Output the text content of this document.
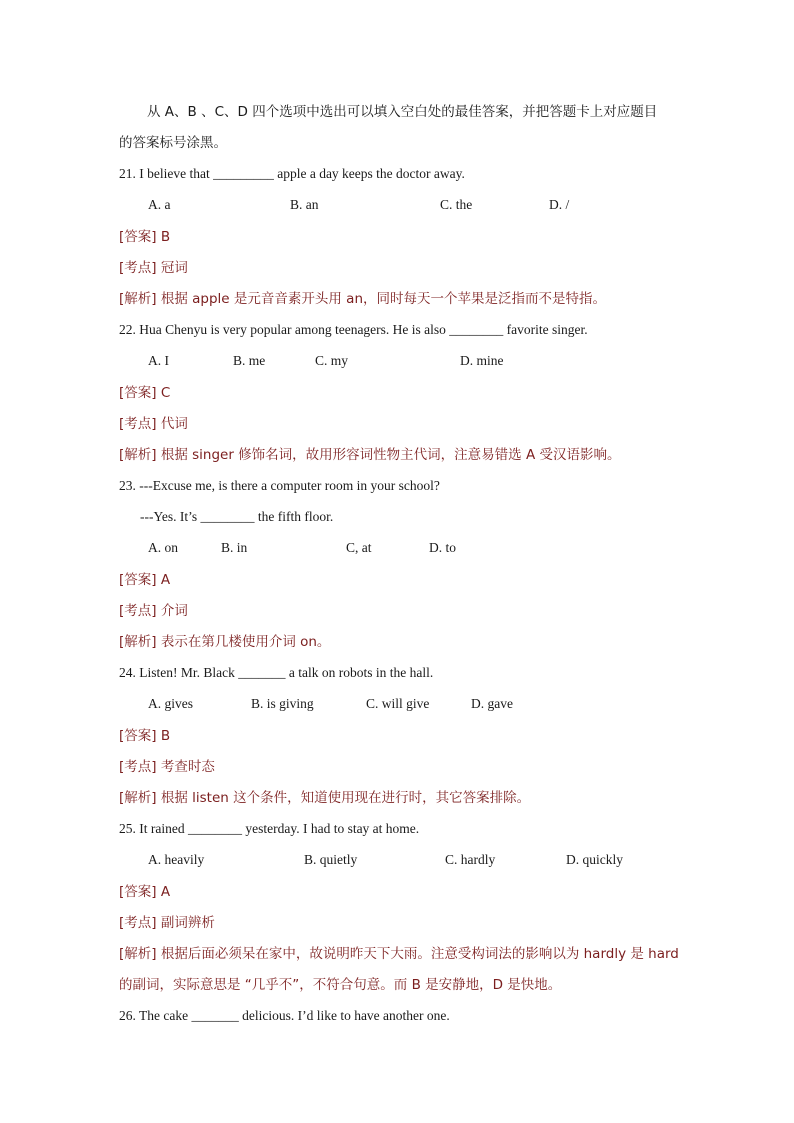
从 A、B 、C、D 四个选项中选出可以填入空白处的最佳答案，并把答题卡上对应题目
的答案标号涂黑。
21. I believe that _________ apple a day keeps the doctor away.
A. a	B. an	C. the	D. /
[答案] B
[考点] 冠词
[解析] 根据 apple 是元音音素开头用 an，同时每天一个苹果是泛指而不是特指。
22. Hua Chenyu is very popular among teenagers. He is also ________ favorite singer.
A. I	B. me	C. my	D. mine
[答案] C
[考点] 代词
[解析] 根据 singer 修饰名词，故用形容词性物主代词，注意易错选 A 受汉语影响。
23. ---Excuse me, is there a computer room in your school?
---Yes. It’s ________ the fifth floor.
A. on	B. in	C, at	D. to
[答案] A
[考点] 介词
[解析] 表示在第几楼使用介词 on。
24. Listen! Mr. Black _______ a talk on robots in the hall.
A. gives	B. is giving	C. will give	D. gave
[答案] B
[考点] 考查时态
[解析] 根据 listen 这个条件，知道使用现在进行时，其它答案排除。
25. It rained ________ yesterday. I had to stay at home.
A. heavily	B. quietly	C. hardly	D. quickly
[答案] A
[考点] 副词辨析
[解析] 根据后面必须呆在家中，故说明昨天下大雨。注意受构词法的影响以为 hardly 是 hard
的副词，实际意思是 “几乎不”，不符合句意。而 B 是安静地，D 是快地。
26. The cake _______ delicious. I’d like to have another one.
